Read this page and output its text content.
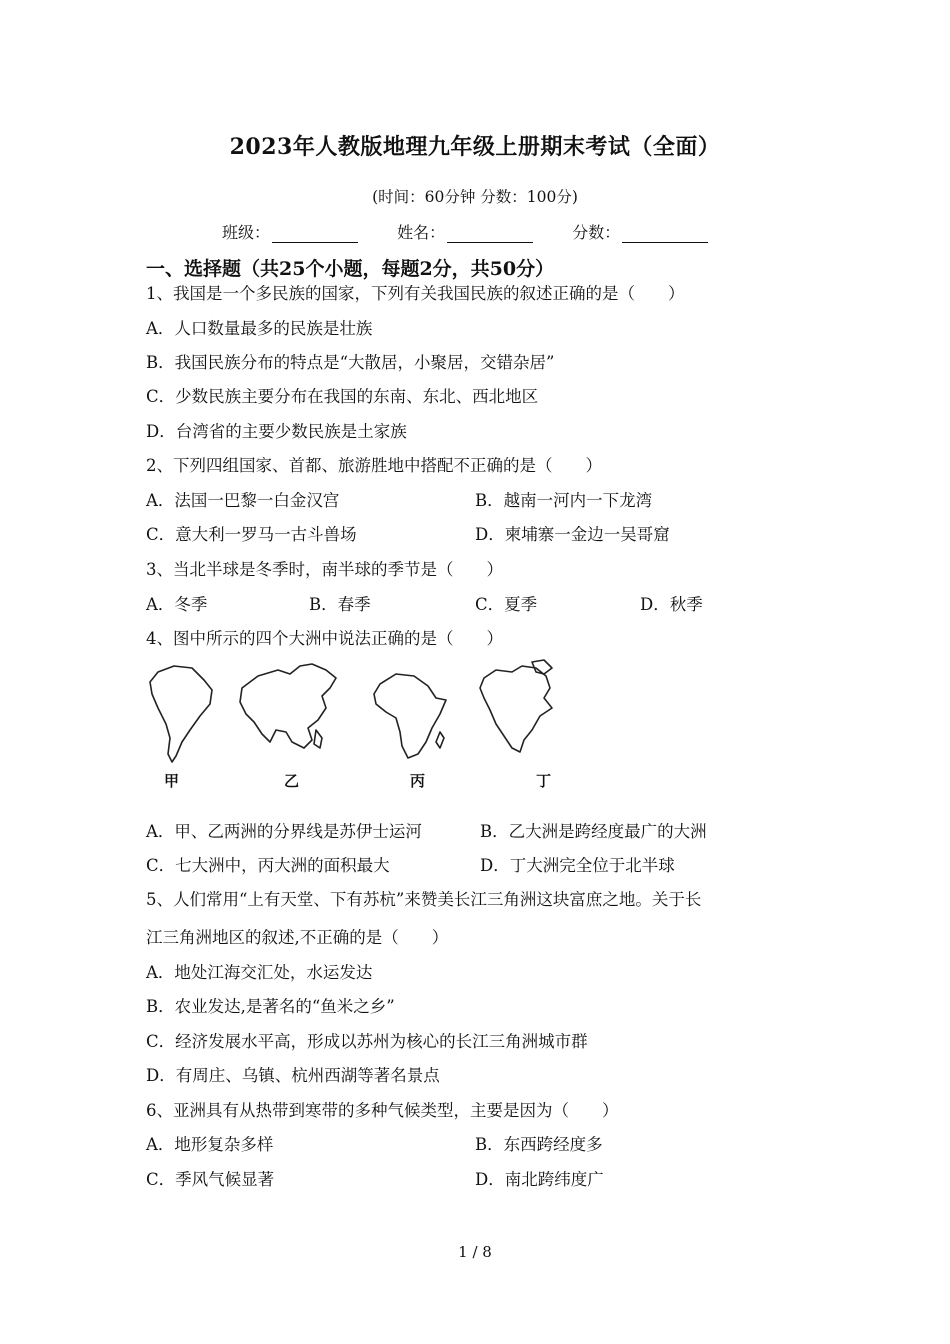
2023年人教版地理九年级上册期末考试（全面）
(时间：60分钟 分数：100分)
班级：	姓名：	分数：
一、选择题（共25个小题，每题2分，共50分）
1、我国是一个多民族的国家，下列有关我国民族的叙述正确的是（　　）
A．人口数量最多的民族是壮族
B．我国民族分布的特点是“大散居，小聚居，交错杂居”
C．少数民族主要分布在我国的东南、东北、西北地区
D．台湾省的主要少数民族是土家族
2、下列四组国家、首都、旅游胜地中搭配不正确的是（　　）
A．法国一巴黎一白金汉宫	B．越南一河内一下龙湾
C．意大利一罗马一古斗兽场	D．柬埔寨一金边一吴哥窟
3、当北半球是冬季时，南半球的季节是（　　）
A．冬季	B．春季	C．夏季	D．秋季
4、图中所示的四个大洲中说法正确的是（　　）
甲	乙	丙	丁
A．甲、乙两洲的分界线是苏伊士运河	B．乙大洲是跨经度最广的大洲
C．七大洲中，丙大洲的面积最大	D．丁大洲完全位于北半球
5、人们常用“上有天堂、下有苏杭”来赞美长江三角洲这块富庶之地。关于长
江三角洲地区的叙述,不正确的是（　　）
A．地处江海交汇处，水运发达
B．农业发达,是著名的“鱼米之乡”
C．经济发展水平高，形成以苏州为核心的长江三角洲城市群
D．有周庄、乌镇、杭州西湖等著名景点
6、亚洲具有从热带到寒带的多种气候类型，主要是因为（　　）
A．地形复杂多样	B．东西跨经度多
C．季风气候显著	D．南北跨纬度广
1 / 8
